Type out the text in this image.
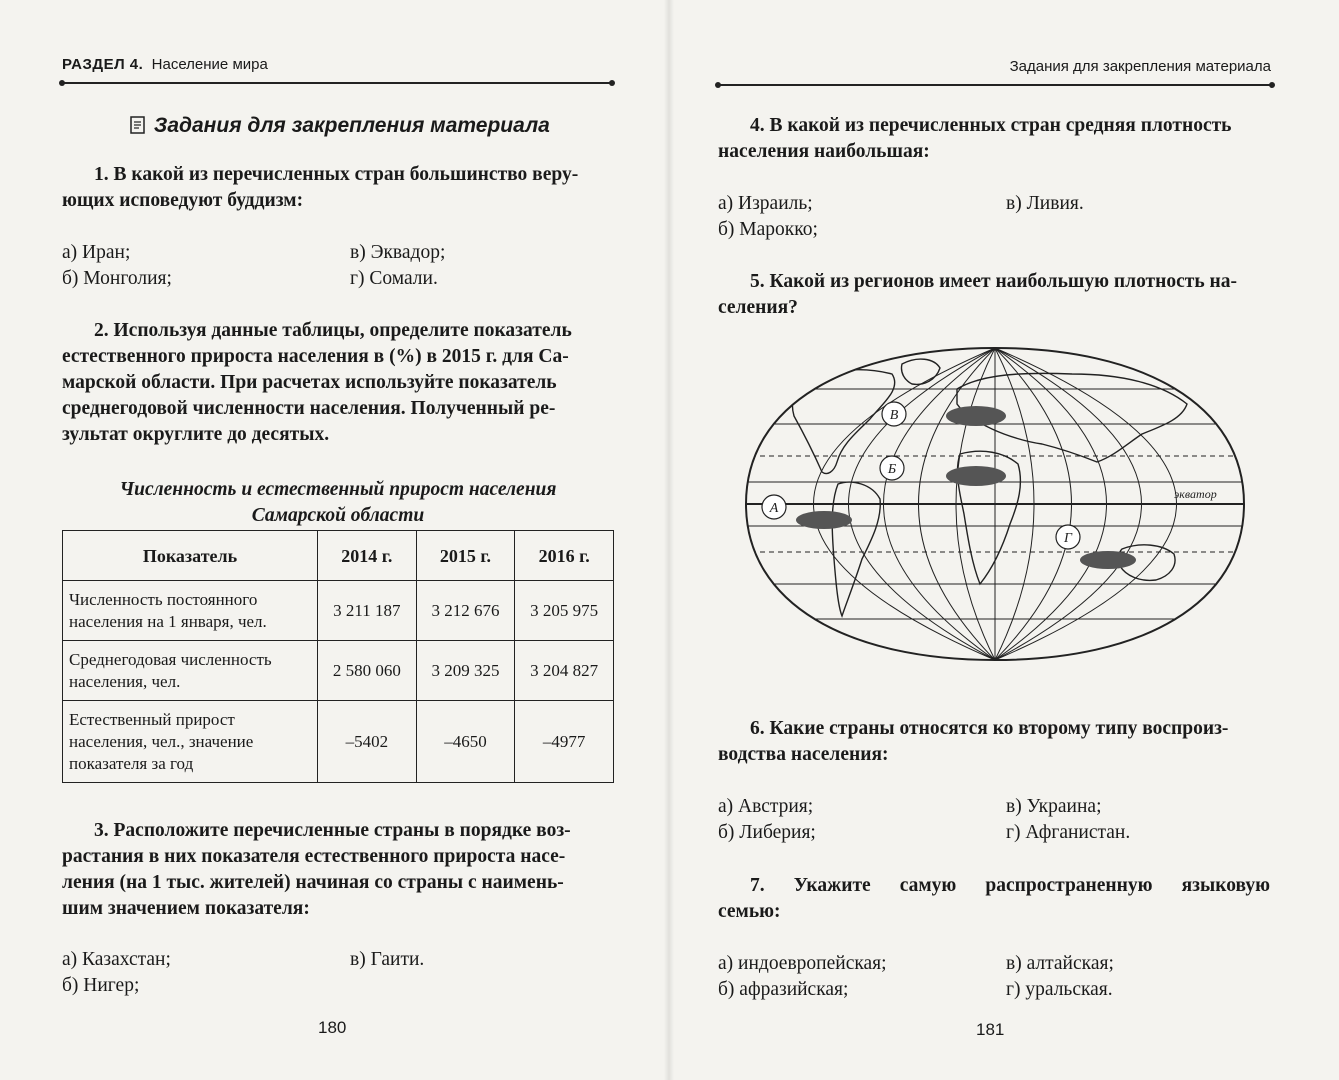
РАЗДЕЛ 4. Население мира
Задания для закрепления материала
1. В какой из перечисленных стран большинство веру-
ющих исповедуют буддизм:
а) Иран;	в) Эквадор;
б) Монголия;	г) Сомали.
2. Используя данные таблицы, определите показатель
естественного прироста населения в (%) в 2015 г. для Са-
марской области. При расчетах используйте показатель
среднегодовой численности населения. Полученный ре-
зультат округлите до десятых.
Численность и естественный прирост населения
Самарской области
Показатель	2014 г.	2015 г.	2016 г.

Численность постоянного
населения на 1 января, чел.	3 211 187	3 212 676	3 205 975

Среднегодовая численность
населения, чел.	2 580 060	3 209 325	3 204 827

Естественный прирост
населения, чел., значение
показателя за год	–5402	–4650	–4977
3. Расположите перечисленные страны в порядке воз-
растания в них показателя естественного прироста насе-
ления (на 1 тыс. жителей) начиная со страны с наимень-
шим значением показателя:
а) Казахстан;	в) Гаити.
б) Нигер;
180
Задания для закрепления материала
4. В какой из перечисленных стран средняя плотность
населения наибольшая:
а) Израиль;	в) Ливия.
б) Марокко;
5. Какой из регионов имеет наибольшую плотность на-
селения?
экватор
А
Б
В
Г
6. Какие страны относятся ко второму типу воспроиз-
водства населения:
а) Австрия;	в) Украина;
б) Либерия;	г) Афганистан.
7. Укажите самую распространенную языковую
семью:
а) индоевропейская;	в) алтайская;
б) афразийская;	г) уральская.
181
